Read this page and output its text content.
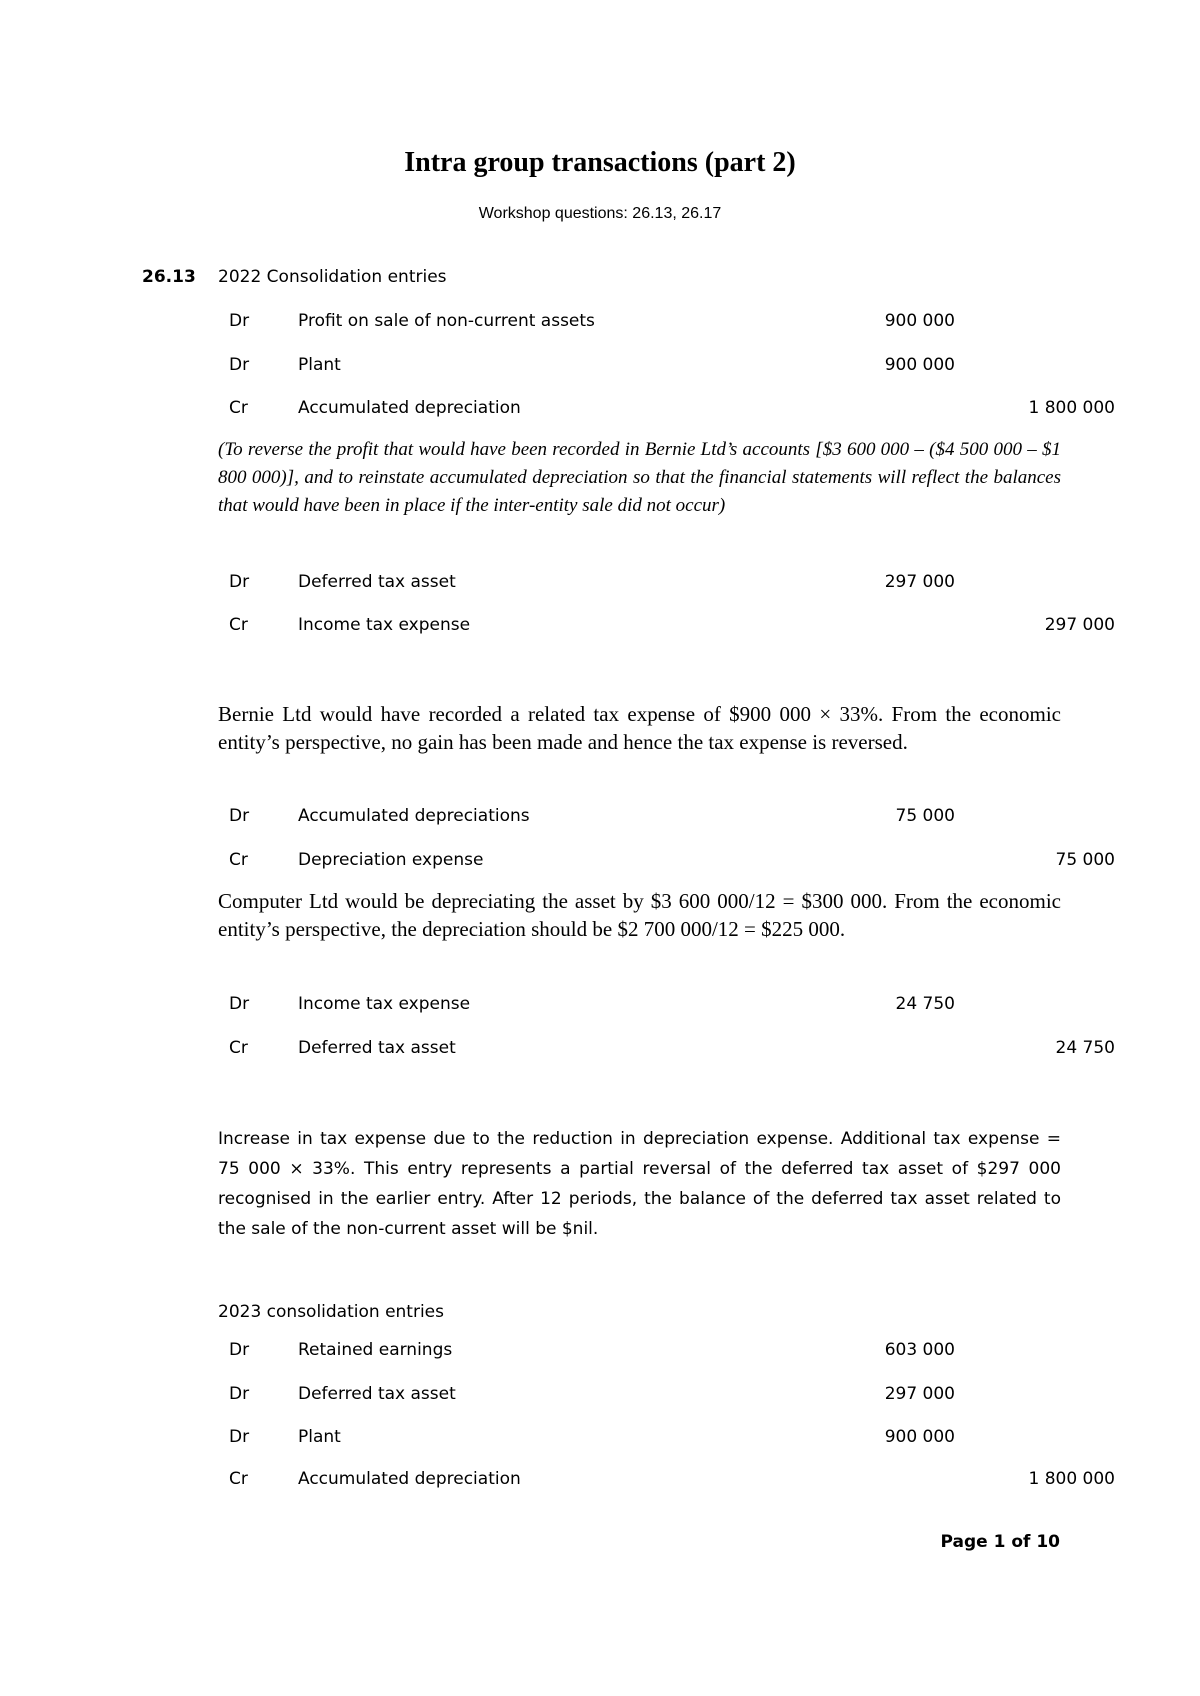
Intra group transactions (part 2)
Workshop questions: 26.13, 26.17
26.13 2022 Consolidation entries
Dr	Profit on sale of non-current assets	900 000
Dr	Plant	900 000
Cr	Accumulated depreciation	1 800 000
(To reverse the profit that would have been recorded in Bernie Ltd’s accounts [$3 600 000 – ($4 500 000 – $1 800 000)], and to reinstate accumulated depreciation so that the financial statements will reflect the balances that would have been in place if the inter-entity sale did not occur)
Dr	Deferred tax asset	297 000
Cr	Income tax expense	297 000
Bernie Ltd would have recorded a related tax expense of $900 000 × 33%. From the economic entity’s perspective, no gain has been made and hence the tax expense is reversed.
Dr	Accumulated depreciations	75 000
Cr	Depreciation expense	75 000
Computer Ltd would be depreciating the asset by $3 600 000/12 = $300 000. From the economic entity’s perspective, the depreciation should be $2 700 000/12 = $225 000.
Dr	Income tax expense	24 750
Cr	Deferred tax asset	24 750
Increase in tax expense due to the reduction in depreciation expense. Additional tax expense = 75 000 × 33%. This entry represents a partial reversal of the deferred tax asset of $297 000 recognised in the earlier entry. After 12 periods, the balance of the deferred tax asset related to the sale of the non-current asset will be $nil.
2023 consolidation entries
Dr	Retained earnings	603 000
Dr	Deferred tax asset	297 000
Dr	Plant	900 000
Cr	Accumulated depreciation	1 800 000
Page 1 of 10
